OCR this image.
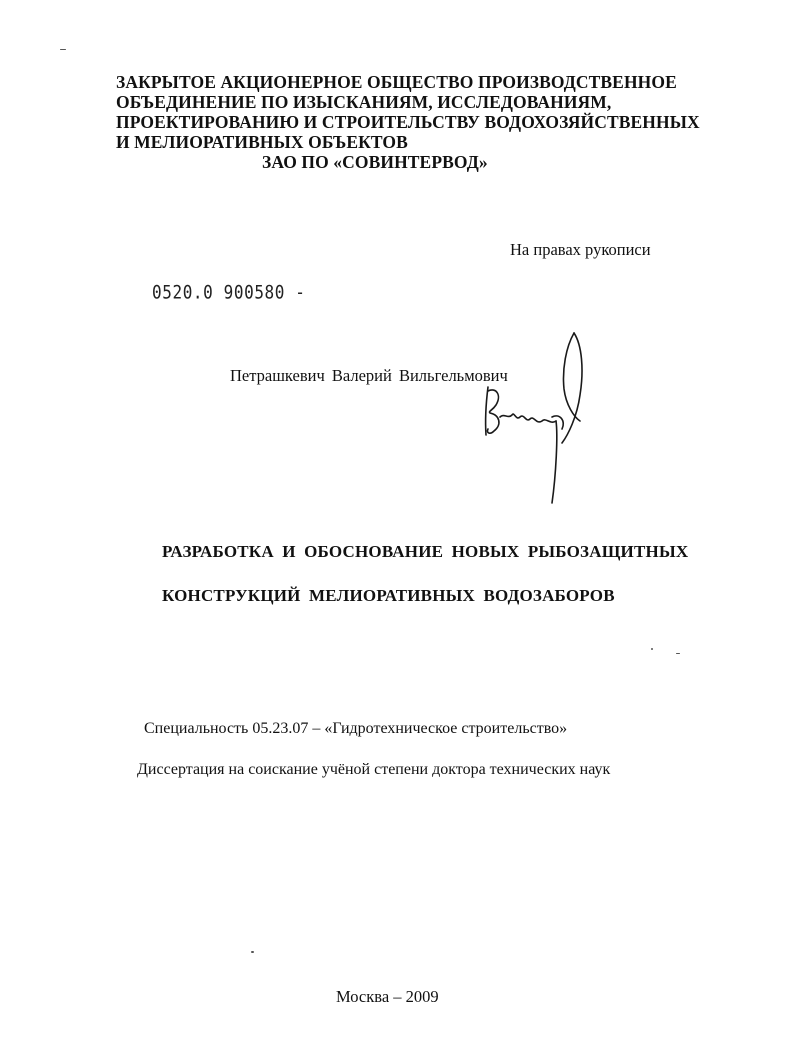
ЗАКРЫТОЕ АКЦИОНЕРНОЕ ОБЩЕСТВО ПРОИЗВОДСТВЕННОЕ
ОБЪЕДИНЕНИЕ ПО ИЗЫСКАНИЯМ, ИССЛЕДОВАНИЯМ,
ПРОЕКТИРОВАНИЮ И СТРОИТЕЛЬСТВУ ВОДОХОЗЯЙСТВЕННЫХ
И МЕЛИОРАТИВНЫХ ОБЪЕКТОВ
ЗАО ПО «СОВИНТЕРВОД»
На правах рукописи
0520.0 900580 -
Петрашкевич Валерий Вильгельмович
РАЗРАБОТКА И ОБОСНОВАНИЕ НОВЫХ РЫБОЗАЩИТНЫХ
КОНСТРУКЦИЙ МЕЛИОРАТИВНЫХ ВОДОЗАБОРОВ
Специальность 05.23.07 – «Гидротехническое строительство»
Диссертация на соискание учёной степени доктора технических наук
Москва – 2009
